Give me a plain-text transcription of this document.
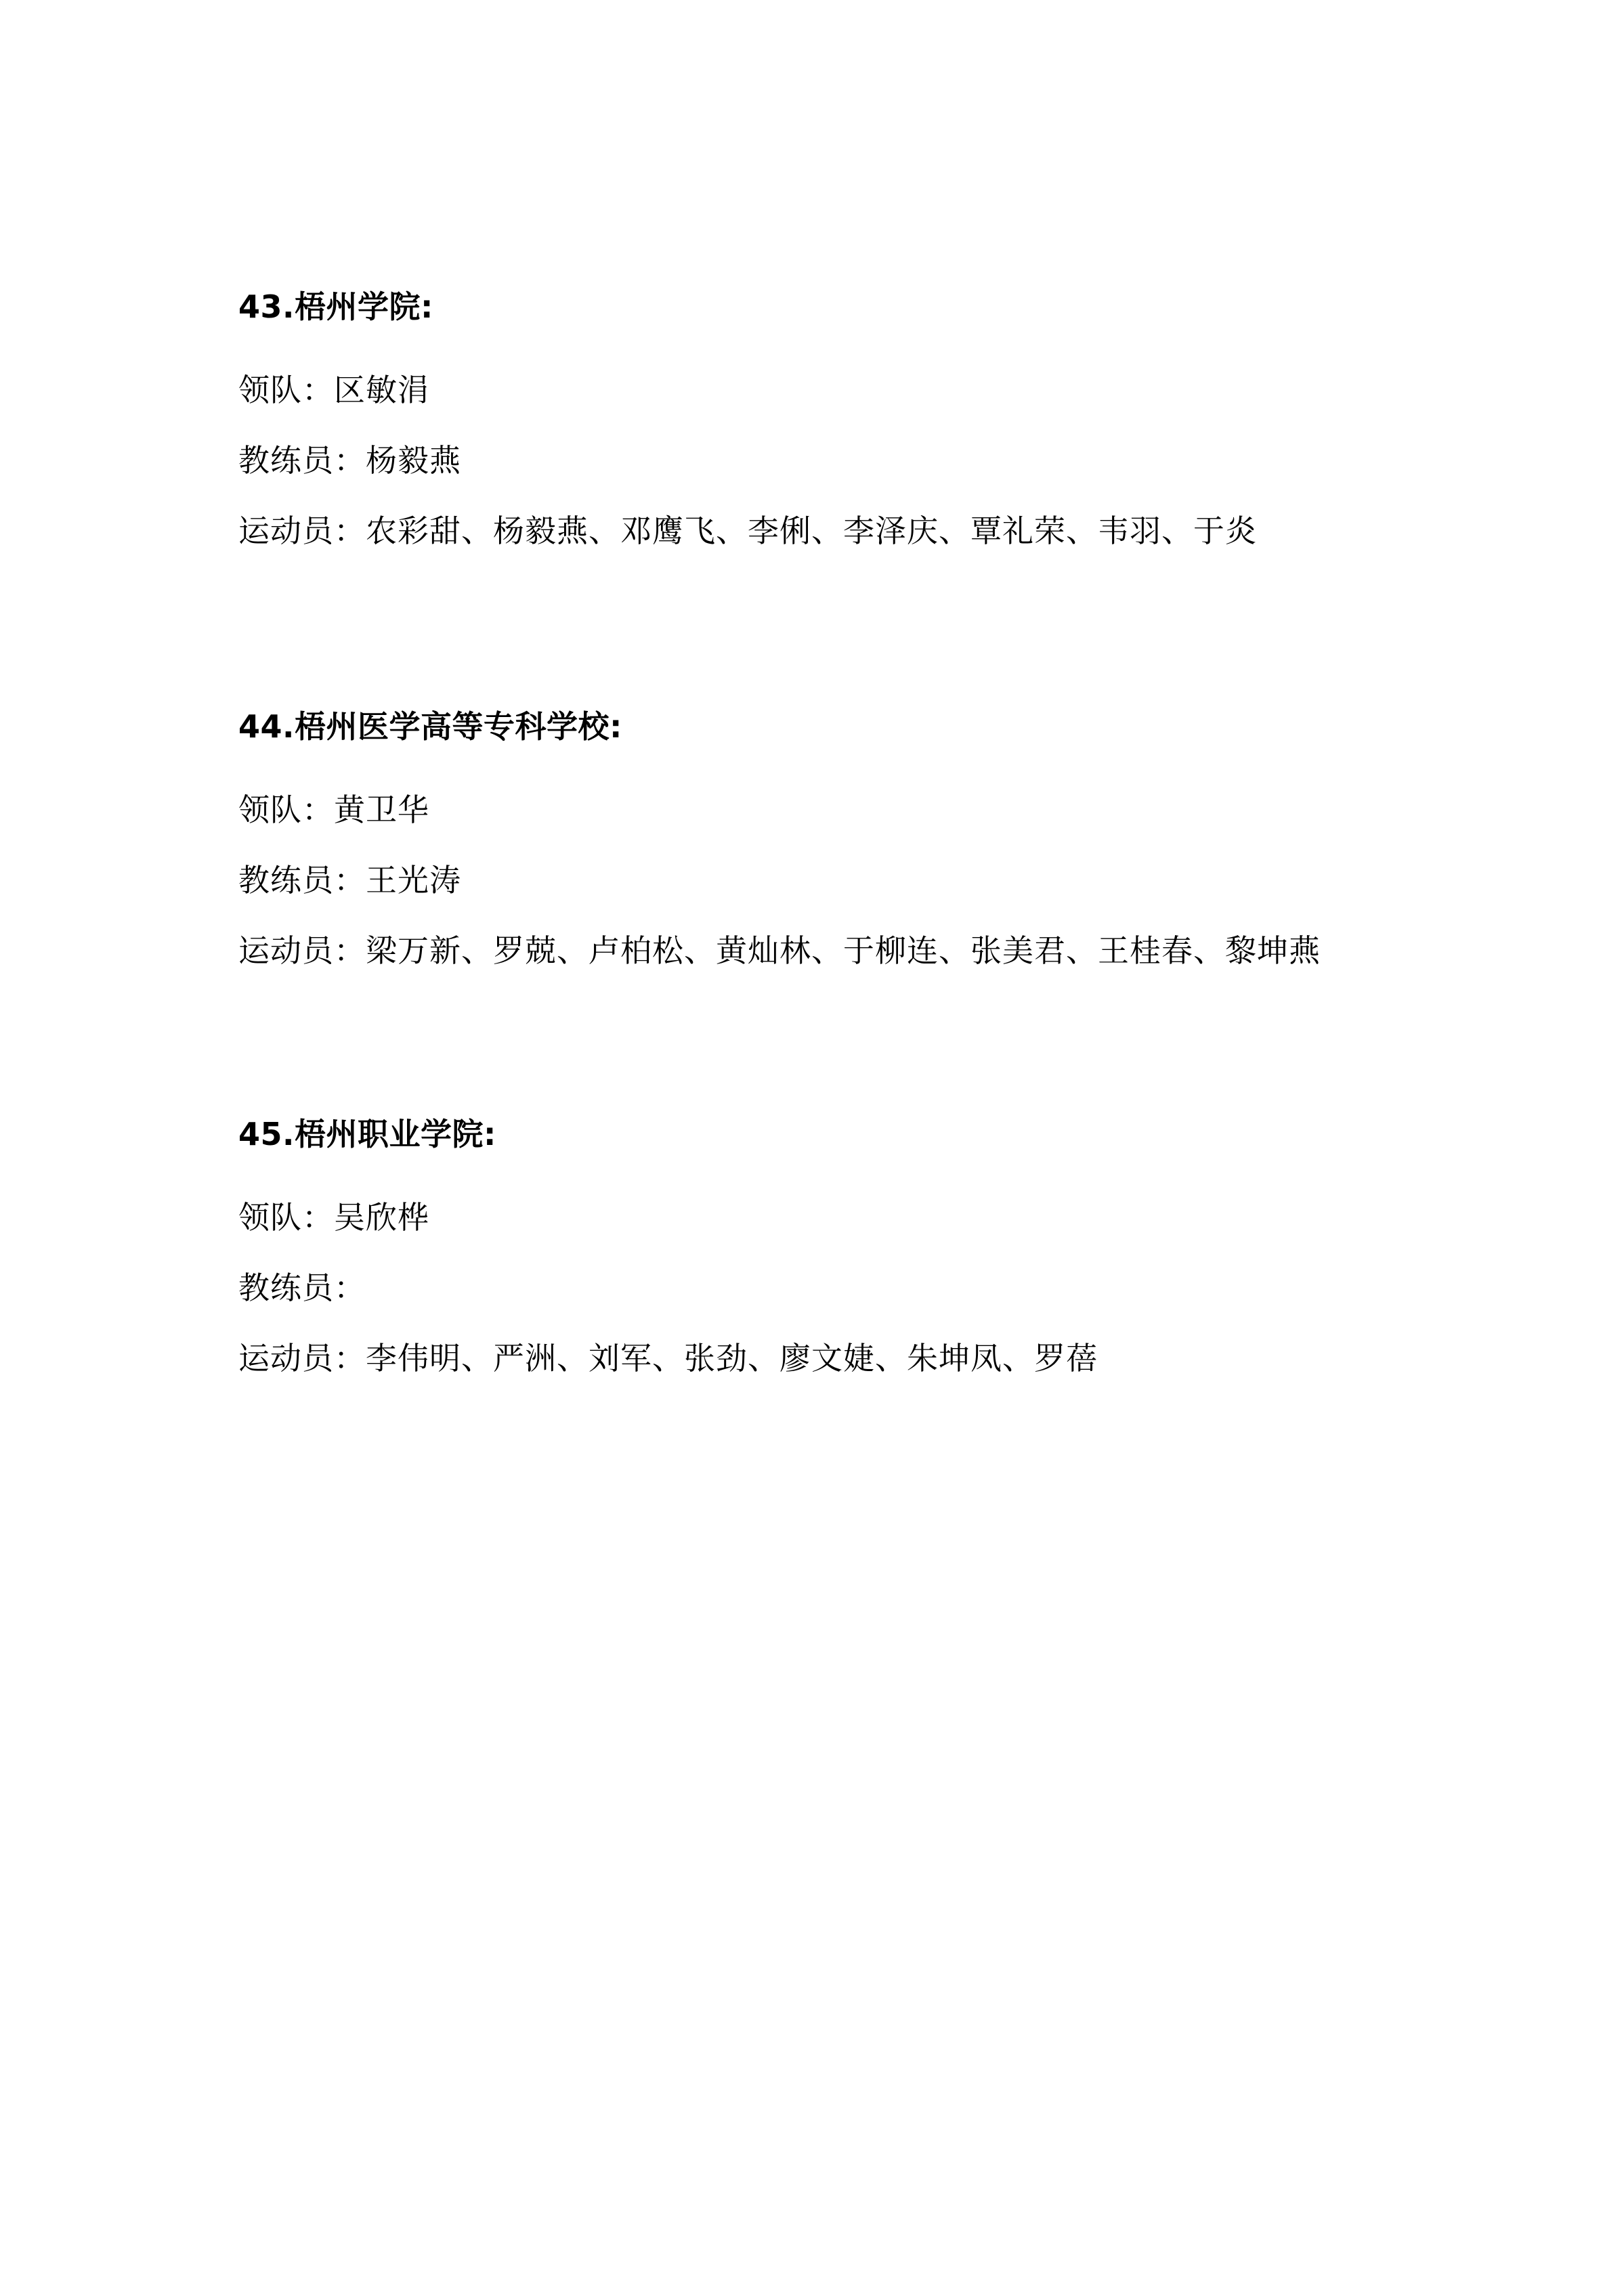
43.梧州学院:
领队：区敏涓
教练员：杨毅燕
运动员：农彩甜、杨毅燕、邓鹰飞、李俐、李泽庆、覃礼荣、韦羽、于炎
44.梧州医学高等专科学校:
领队：黄卫华
教练员：王光涛
运动员：梁万新、罗兢、卢柏松、黄灿林、于柳连、张美君、王桂春、黎坤燕
45.梧州职业学院:
领队：吴欣桦
教练员：
运动员：李伟明、严洲、刘军、张劲、廖文婕、朱坤凤、罗蓓
